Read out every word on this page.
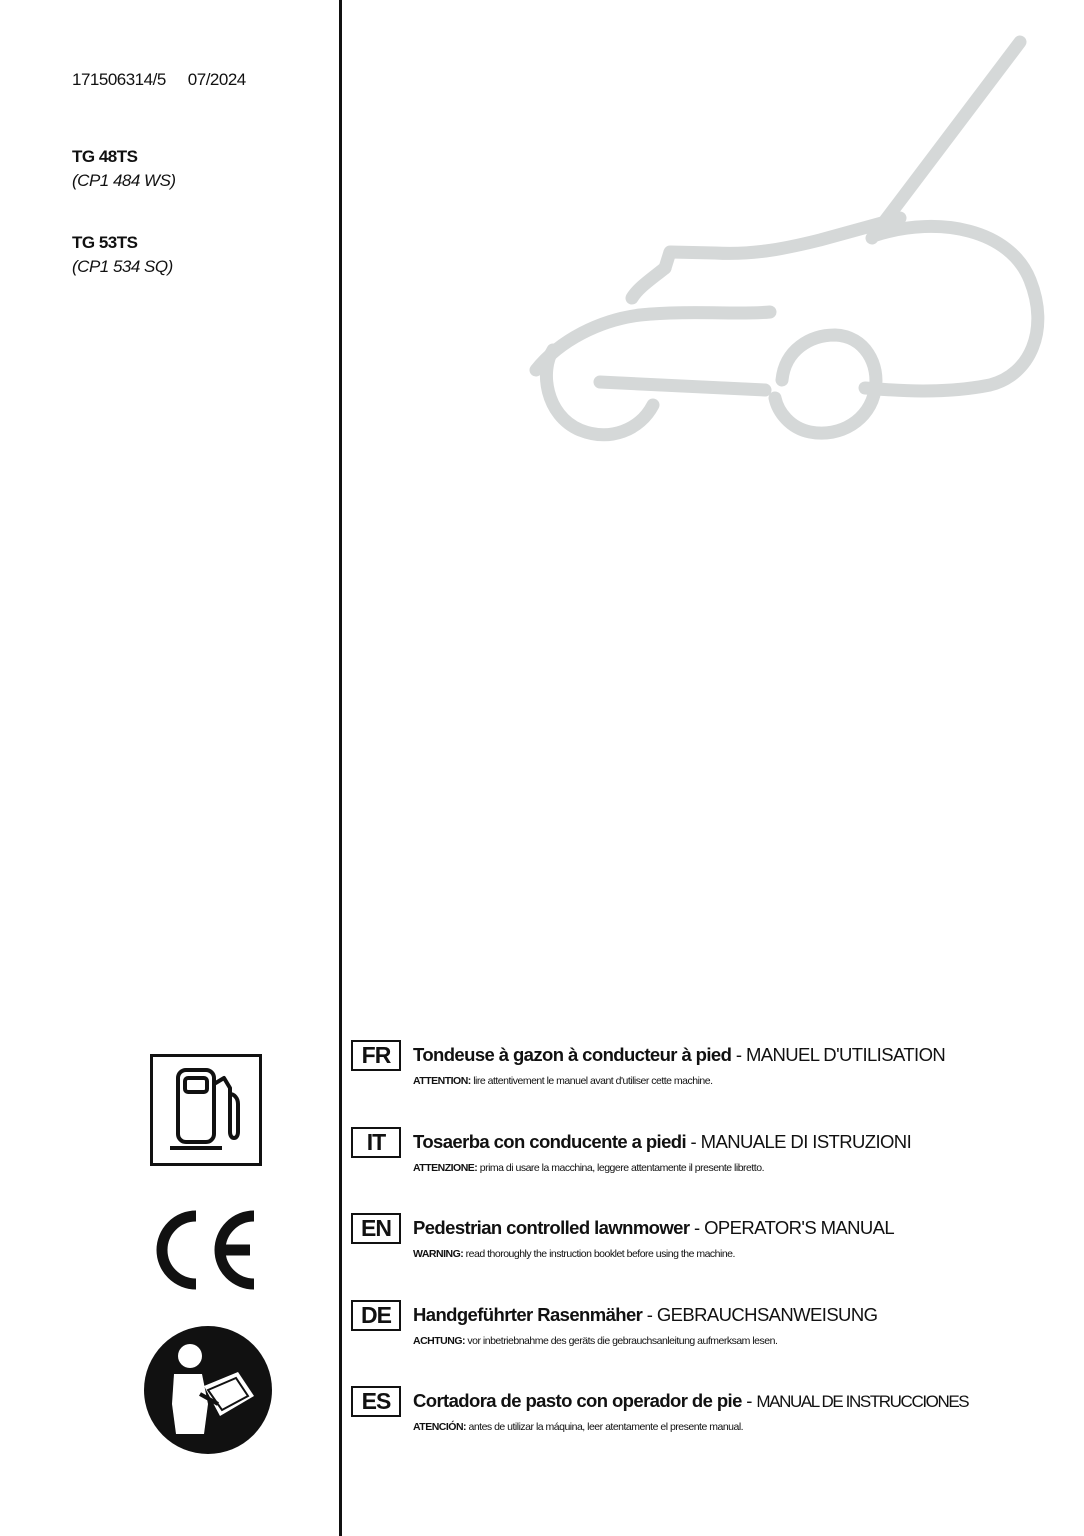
171506314/5 07/2024
TG 48TS
(CP1 484 WS)
TG 53TS
(CP1 534 SQ)
FR	Tondeuse à gazon à conducteur à pied - MANUEL D'UTILISATION
ATTENTION: lire attentivement le manuel avant d'utiliser cette machine.
IT	Tosaerba con conducente a piedi - MANUALE DI ISTRUZIONI
ATTENZIONE: prima di usare la macchina, leggere attentamente il presente libretto.
EN	Pedestrian controlled lawnmower - OPERATOR'S MANUAL
WARNING: read thoroughly the instruction booklet before using the machine.
DE	Handgeführter Rasenmäher - GEBRAUCHSANWEISUNG
ACHTUNG: vor inbetriebnahme des geräts die gebrauchsanleitung aufmerksam lesen.
ES	Cortadora de pasto con operador de pie - MANUAL DE INSTRUCCIONES
ATENCIÓN: antes de utilizar la máquina, leer atentamente el presente manual.
